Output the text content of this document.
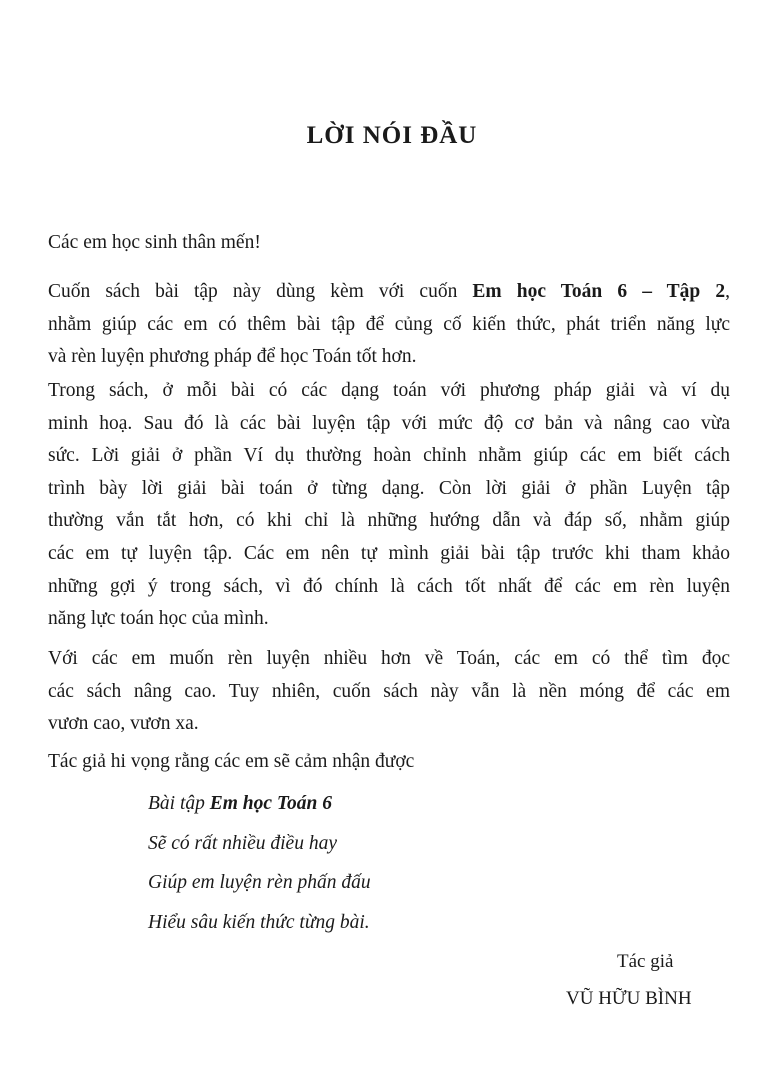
LỜI NÓI ĐẦU
Các em học sinh thân mến!
Cuốn sách bài tập này dùng kèm với cuốn Em học Toán 6 – Tập 2,
nhằm giúp các em có thêm bài tập để củng cố kiến thức, phát triển năng lực
và rèn luyện phương pháp để học Toán tốt hơn.
Trong sách, ở mỗi bài có các dạng toán với phương pháp giải và ví dụ
minh hoạ. Sau đó là các bài luyện tập với mức độ cơ bản và nâng cao vừa
sức. Lời giải ở phần Ví dụ thường hoàn chỉnh nhằm giúp các em biết cách
trình bày lời giải bài toán ở từng dạng. Còn lời giải ở phần Luyện tập
thường vắn tắt hơn, có khi chỉ là những hướng dẫn và đáp số, nhằm giúp
các em tự luyện tập. Các em nên tự mình giải bài tập trước khi tham khảo
những gợi ý trong sách, vì đó chính là cách tốt nhất để các em rèn luyện
năng lực toán học của mình.
Với các em muốn rèn luyện nhiều hơn về Toán, các em có thể tìm đọc
các sách nâng cao. Tuy nhiên, cuốn sách này vẫn là nền móng để các em
vươn cao, vươn xa.
Tác giả hi vọng rằng các em sẽ cảm nhận được
Bài tập Em học Toán 6
Sẽ có rất nhiều điều hay
Giúp em luyện rèn phấn đấu
Hiểu sâu kiến thức từng bài.
Tác giả
VŨ HỮU BÌNH
